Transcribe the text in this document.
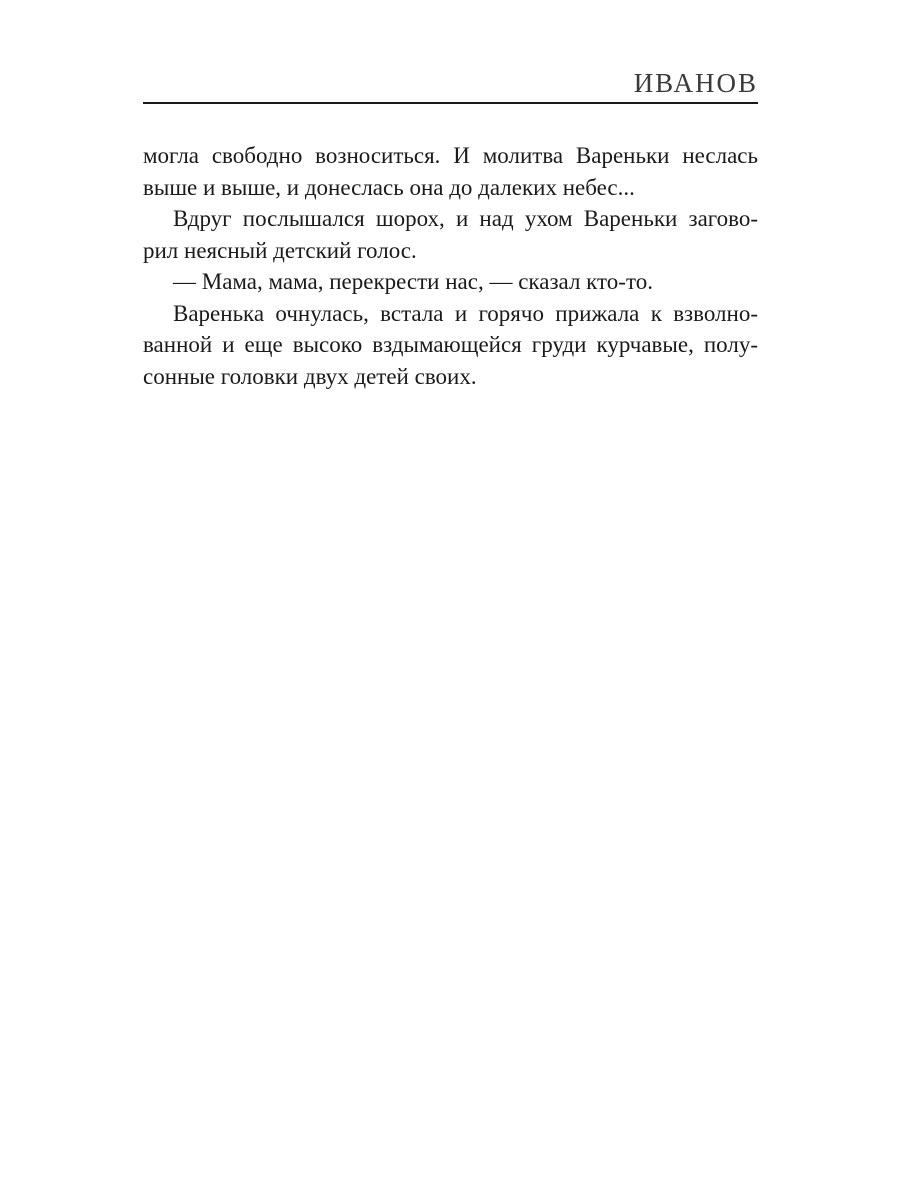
ИВАНОВ
могла свободно возноситься. И молитва Вареньки неслась
выше и выше, и донеслась она до далеких небес...
Вдруг послышался шорох, и над ухом Вареньки загово-
рил неясный детский голос.
— Мама, мама, перекрести нас, — сказал кто-то.
Варенька очнулась, встала и горячо прижала к взволно-
ванной и еще высоко вздымающейся груди курчавые, полу-
сонные головки двух детей своих.
